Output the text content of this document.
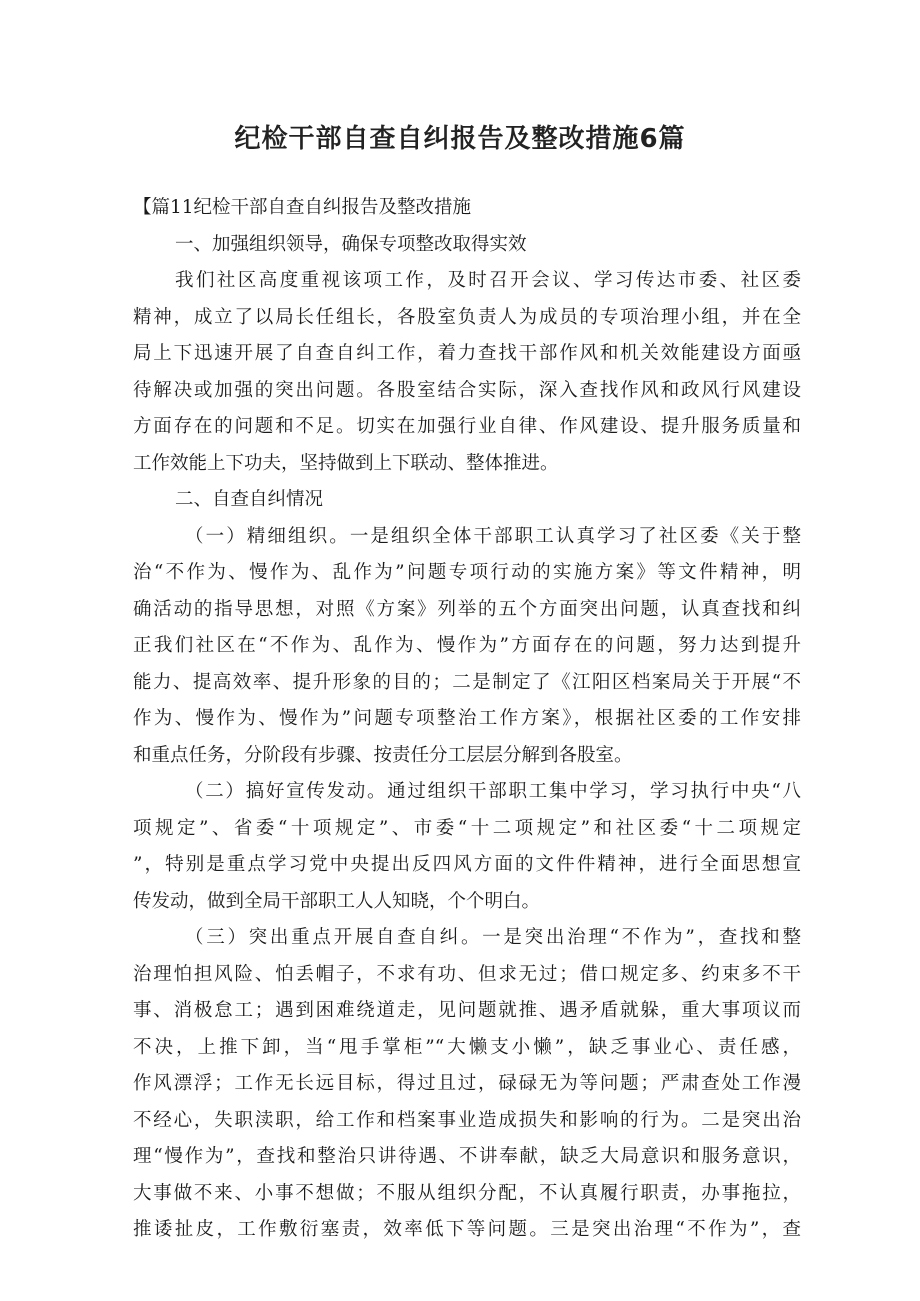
纪检干部自查自纠报告及整改措施6篇
【篇11纪检干部自查自纠报告及整改措施
一、加强组织领导，确保专项整改取得实效
我们社区高度重视该项工作，及时召开会议、学习传达市委、社区委
精神，成立了以局长任组长，各股室负责人为成员的专项治理小组，并在全
局上下迅速开展了自查自纠工作，着力查找干部作风和机关效能建设方面亟
待解决或加强的突出问题。各股室结合实际，深入查找作风和政风行风建设
方面存在的问题和不足。切实在加强行业自律、作风建设、提升服务质量和
工作效能上下功夫，坚持做到上下联动、整体推进。
二、自查自纠情况
（一）精细组织。一是组织全体干部职工认真学习了社区委《关于整
治“不作为、慢作为、乱作为”问题专项行动的实施方案》等文件精神，明
确活动的指导思想，对照《方案》列举的五个方面突出问题，认真查找和纠
正我们社区在“不作为、乱作为、慢作为”方面存在的问题，努力达到提升
能力、提高效率、提升形象的目的；二是制定了《江阳区档案局关于开展“不
作为、慢作为、慢作为”问题专项整治工作方案》，根据社区委的工作安排
和重点任务，分阶段有步骤、按责任分工层层分解到各股室。
（二）搞好宣传发动。通过组织干部职工集中学习，学习执行中央“八
项规定”、省委“十项规定”、市委“十二项规定”和社区委“十二项规定
”，特别是重点学习党中央提出反四风方面的文件件精神，进行全面思想宣
传发动，做到全局干部职工人人知晓，个个明白。
（三）突出重点开展自查自纠。一是突出治理“不作为”，查找和整
治理怕担风险、怕丢帽子，不求有功、但求无过；借口规定多、约束多不干
事、消极怠工；遇到困难绕道走，见问题就推、遇矛盾就躲，重大事项议而
不决，上推下卸，当“甩手掌柜”“大懒支小懒”，缺乏事业心、责任感，
作风漂浮；工作无长远目标，得过且过，碌碌无为等问题；严肃查处工作漫
不经心，失职渎职，给工作和档案事业造成损失和影响的行为。二是突出治
理“慢作为”，查找和整治只讲待遇、不讲奉献，缺乏大局意识和服务意识，
大事做不来、小事不想做；不服从组织分配，不认真履行职责，办事拖拉，
推诿扯皮，工作敷衍塞责，效率低下等问题。三是突出治理“不作为”，查
